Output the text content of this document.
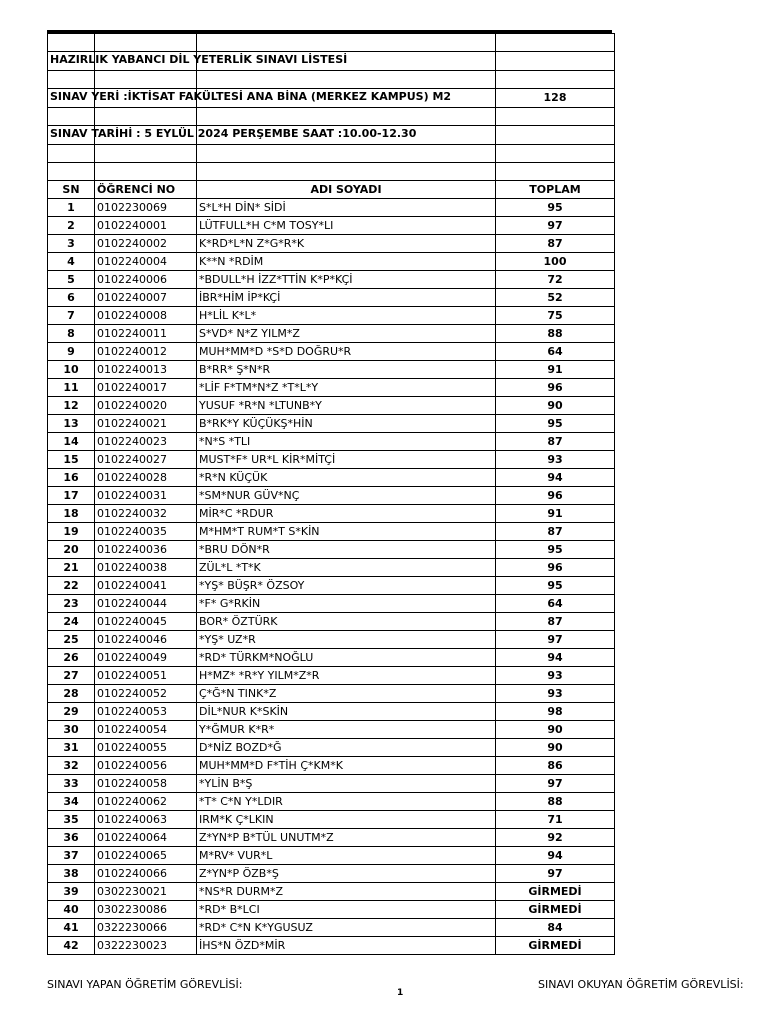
HAZIRLIK YABANCI DİL YETERLİK SINAVI LİSTESİ			

SINAV YERİ :İKTİSAT FAKÜLTESİ ANA BİNA (MERKEZ KAMPUS) M2			128

SINAV TARİHİ : 5 EYLÜL 2024 PERŞEMBE SAAT :10.00-12.30			

SN	ÖĞRENCİ NO	ADI SOYADI	TOPLAM
1	0102230069	S*L*H DİN* SİDİ	95
2	0102240001	LÜTFULL*H C*M TOSY*LI	97
3	0102240002	K*RD*L*N Z*G*R*K	87
4	0102240004	K**N *RDİM	100
5	0102240006	*BDULL*H İZZ*TTİN K*P*KÇİ	72
6	0102240007	İBR*HİM İP*KÇİ	52
7	0102240008	H*LİL K*L*	75
8	0102240011	S*VD* N*Z YILM*Z	88
9	0102240012	MUH*MM*D *S*D DOĞRU*R	64
10	0102240013	B*RR* Ş*N*R	91
11	0102240017	*LİF F*TM*N*Z *T*L*Y	96
12	0102240020	YUSUF *R*N *LTUNB*Y	90
13	0102240021	B*RK*Y KÜÇÜKŞ*HİN	95
14	0102240023	*N*S *TLI	87
15	0102240027	MUST*F* UR*L KİR*MİTÇİ	93
16	0102240028	*R*N KÜÇÜK	94
17	0102240031	*SM*NUR GÜV*NÇ	96
18	0102240032	MİR*C *RDUR	91
19	0102240035	M*HM*T RUM*T S*KİN	87
20	0102240036	*BRU DÖN*R	95
21	0102240038	ZÜL*L *T*K	96
22	0102240041	*YŞ* BÜŞR* ÖZSOY	95
23	0102240044	*F* G*RKİN	64
24	0102240045	BOR* ÖZTÜRK	87
25	0102240046	*YŞ* UZ*R	97
26	0102240049	*RD* TÜRKM*NOĞLU	94
27	0102240051	H*MZ* *R*Y YILM*Z*R	93
28	0102240052	Ç*Ğ*N TINK*Z	93
29	0102240053	DİL*NUR K*SKİN	98
30	0102240054	Y*ĞMUR K*R*	90
31	0102240055	D*NİZ BOZD*Ğ	90
32	0102240056	MUH*MM*D F*TİH Ç*KM*K	86
33	0102240058	*YLİN B*Ş	97
34	0102240062	*T* C*N Y*LDIR	88
35	0102240063	IRM*K Ç*LKIN	71
36	0102240064	Z*YN*P B*TÜL UNUTM*Z	92
37	0102240065	M*RV* VUR*L	94
38	0102240066	Z*YN*P ÖZB*Ş	97
39	0302230021	*NS*R DURM*Z	GİRMEDİ
40	0302230086	*RD* B*LCI	GİRMEDİ
41	0322230066	*RD* C*N K*YGUSUZ	84
42	0322230023	İHS*N ÖZD*MİR	GİRMEDİ
SINAVI YAPAN ÖĞRETİM GÖREVLİSİ:	SINAVI OKUYAN ÖĞRETİM GÖREVLİSİ:
1
